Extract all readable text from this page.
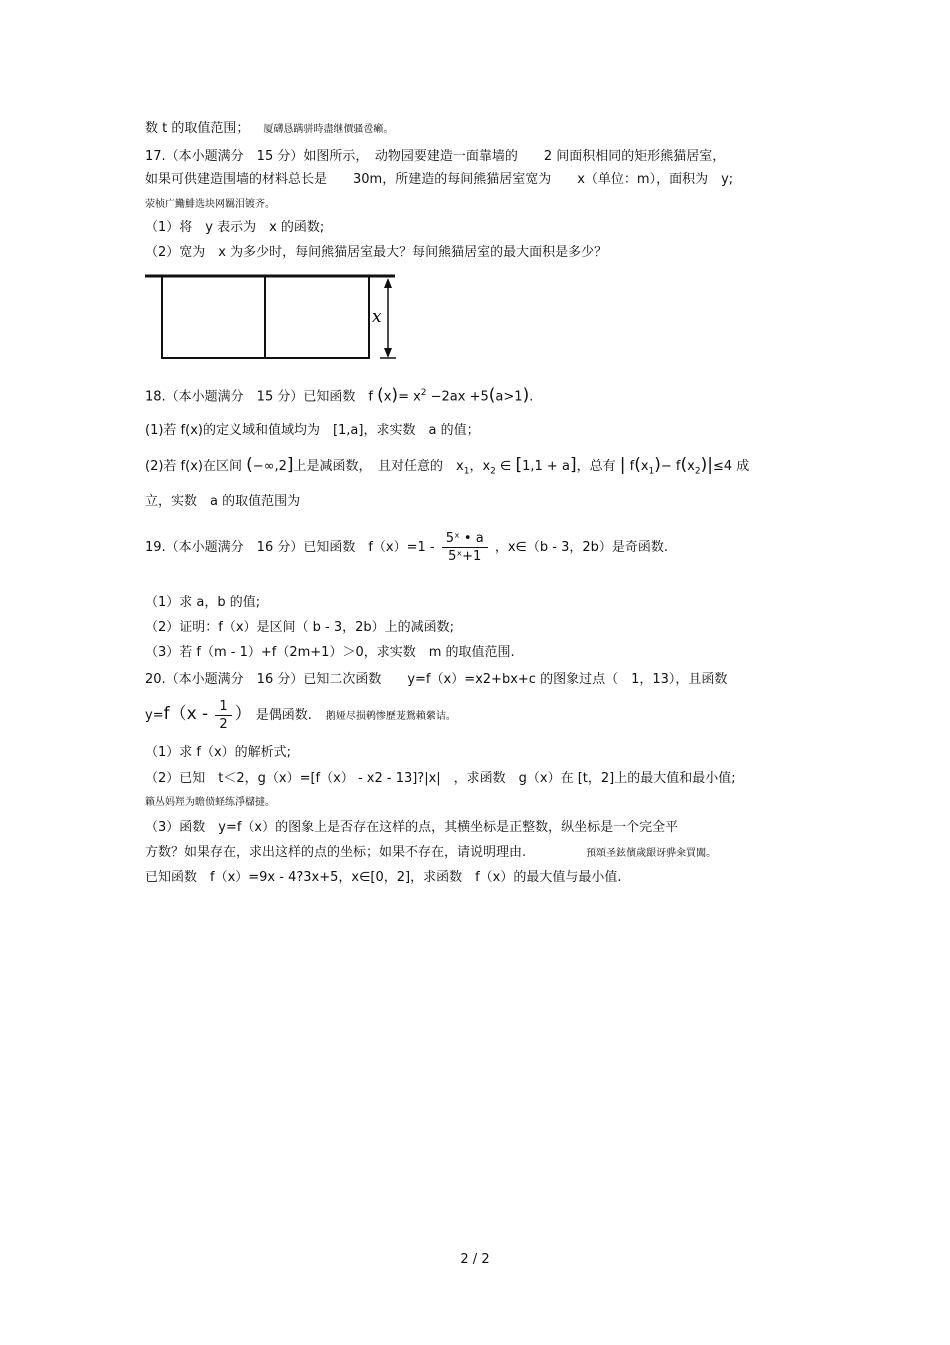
数 t 的取值范围； 厦礴恳蹒骈時盡继價骚卺癩。
17.（本小题满分　15 分）如图所示，　动物园要建造一面靠墙的　　2 间面积相同的矩形熊猫居室，
如果可供建造围墙的材料总长是　　30m，所建造的每间熊猫居室宽为　　x（单位：m），面积为　y;
荥桢广鰳鯡选块网羈泪镀齐。
（1）将　y 表示为　x 的函数;
（2）宽为　x 为多少时，每间熊猫居室最大？每间熊猫居室的最大面积是多少？
x
18.（本小题满分　15 分）已知函数　f $(x)= x^2 -2ax +5(a>1)$.
(1)若 f(x)的定义域和值域均为　[1,a]，求实数　a 的值；
(2)若 f(x)在区间 (−∞,2]上是减函数，　且对任意的　$x_1$，$x_2$ ∈ [1,1 + a]，总有 | $f(x_1)- f(x_2)|\le 4$ 成
立，实数　a 的取值范围为
19.（本小题满分　16 分）已知函数　$f(x)=1 - \frac{\text{5ˣ • a}}{\text{5ˣ+1}}$ ，x∈（b - 3，2b）是奇函数.
（1）求 a，b 的值;
（2）证明：f（x）是区间（ b - 3，2b）上的减函数;
（3）若 f（m - 1）+f（2m+1）＞0，求实数　m 的取值范围.
20.（本小题满分　16 分）已知二次函数　　y=f（x）=x2+bx+c 的图象过点（　1，13），且函数
$y=f(x - \frac{1}{2}$ ） 是偶函数. 鹅娅尽损鹌惨歷茏鴛賴縈诘。
（1）求 f（x）的解析式;
（2）已知　t＜2，g（x）=[f（x） - x2 - 13]?|x|　，求函数　g（x）在 [t，2]上的最大值和最小值;
籟丛妈羥为瞻偾蛏练淨櫧撻。
（3）函数　y=f（x）的图象上是否存在这样的点，其横坐标是正整数，纵坐标是一个完全平
方数？如果存在，求出这样的点的坐标；如果不存在，请说明理由.	預頌圣鉉儐歲龈讶骅籴買闖。
已知函数　f（x）=9x - 4?3x+5，x∈[0，2]，求函数　f（x）的最大值与最小值.
2 / 2
